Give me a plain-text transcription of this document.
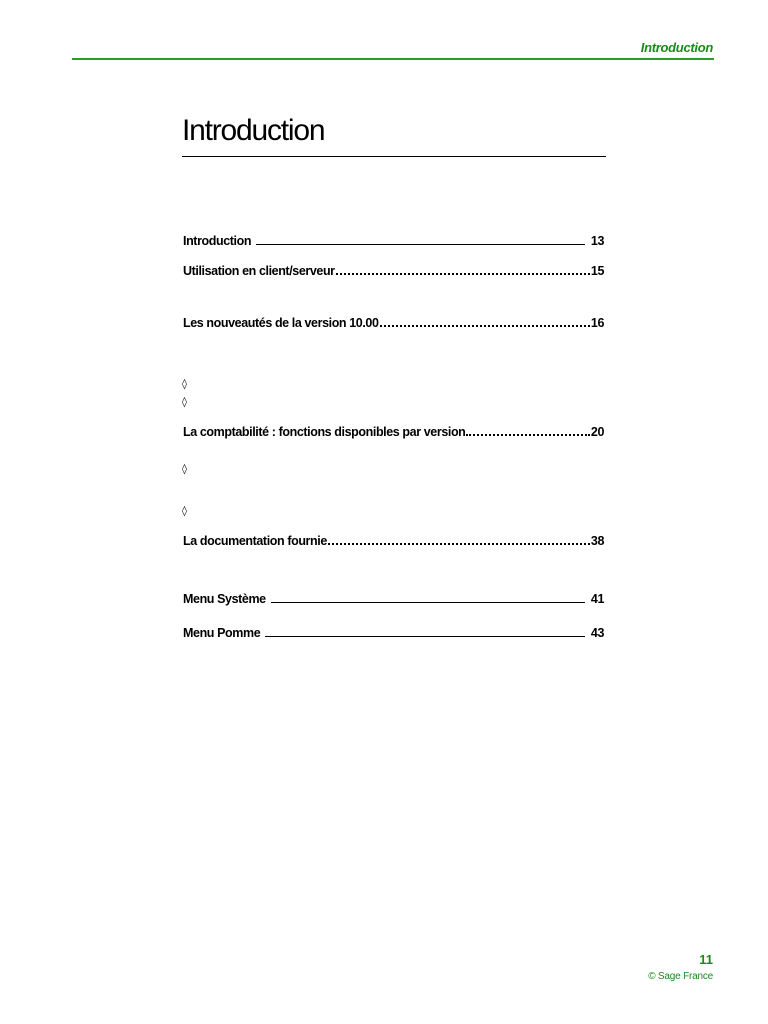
Introduction
Introduction
Introduction	13
Utilisation en client/serveur	15
Les nouveautés de la version 10.00	16
◊
◊
La comptabilité : fonctions disponibles par version	20
◊
◊
La documentation fournie	38
Menu Système	41
Menu Pomme	43
11
© Sage France
